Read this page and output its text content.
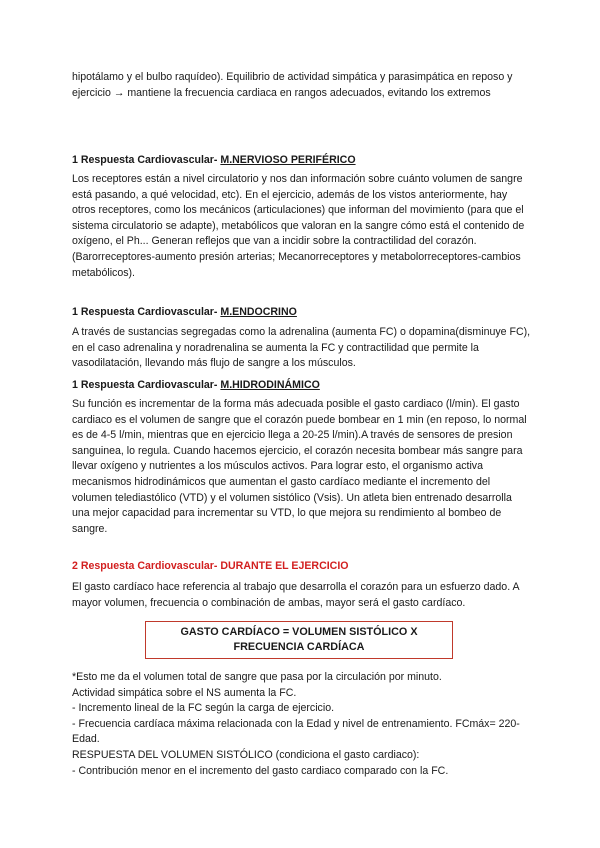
hipotálamo y el bulbo raquídeo). Equilibrio de actividad simpática y parasimpática en reposo y ejercicio → mantiene la frecuencia cardiaca en rangos adecuados, evitando los extremos

1 Respuesta Cardiovascular- M.NERVIOSO PERIFÉRICO

Los receptores están a nivel circulatorio y nos dan información sobre cuánto volumen de sangre está pasando, a qué velocidad, etc). En el ejercicio, además de los vistos anteriormente, hay otros receptores, como los mecánicos (articulaciones) que informan del movimiento (para que el sistema circulatorio se adapte), metabólicos que valoran en la sangre cómo está el contenido de oxígeno, el Ph... Generan reflejos que van a incidir sobre la contractilidad del corazón. (Barorreceptores-aumento presión arterias; Mecanorreceptores y metabolorreceptores-cambios metabólicos).

1 Respuesta Cardiovascular- M.ENDOCRINO

A través de sustancias segregadas como la adrenalina (aumenta FC) o dopamina(disminuye FC), en el caso adrenalina y noradrenalina se aumenta la FC y contractilidad que permite la vasodilatación, llevando más flujo de sangre a los músculos.

1 Respuesta Cardiovascular- M.HIDRODINÁMICO

Su función es incrementar de la forma más adecuada posible el gasto cardiaco (l/min). El gasto cardiaco es el volumen de sangre que el corazón puede bombear en 1 min (en reposo, lo normal es de 4-5 l/min, mientras que en ejercicio llega a 20-25 l/min).A través de sensores de presion sanguinea, lo regula. Cuando hacemos ejercicio, el corazón necesita bombear más sangre para llevar oxígeno y nutrientes a los músculos activos. Para lograr esto, el organismo activa mecanismos hidrodinámicos que aumentan el gasto cardíaco mediante el incremento del volumen telediastólico (VTD) y el volumen sistólico (Vsis). Un atleta bien entrenado desarrolla una mejor capacidad para incrementar su VTD, lo que mejora su rendimiento al bombeo de sangre.

2 Respuesta Cardiovascular- DURANTE EL EJERCICIO

El gasto cardíaco hace referencia al trabajo que desarrolla el corazón para un esfuerzo dado. A mayor volumen, frecuencia o combinación de ambas, mayor será el gasto cardíaco.

GASTO CARDÍACO = VOLUMEN SISTÓLICO X
FRECUENCIA CARDÍACA
*Esto me da el volumen total de sangre que pasa por la circulación por minuto.
Actividad simpática sobre el NS aumenta la FC.
- Incremento lineal de la FC según la carga de ejercicio.
- Frecuencia cardíaca máxima relacionada con la Edad y nivel de entrenamiento. FCmáx= 220- Edad.
RESPUESTA DEL VOLUMEN SISTÓLICO (condiciona el gasto cardiaco):
- Contribución menor en el incremento del gasto cardiaco comparado con la FC.
